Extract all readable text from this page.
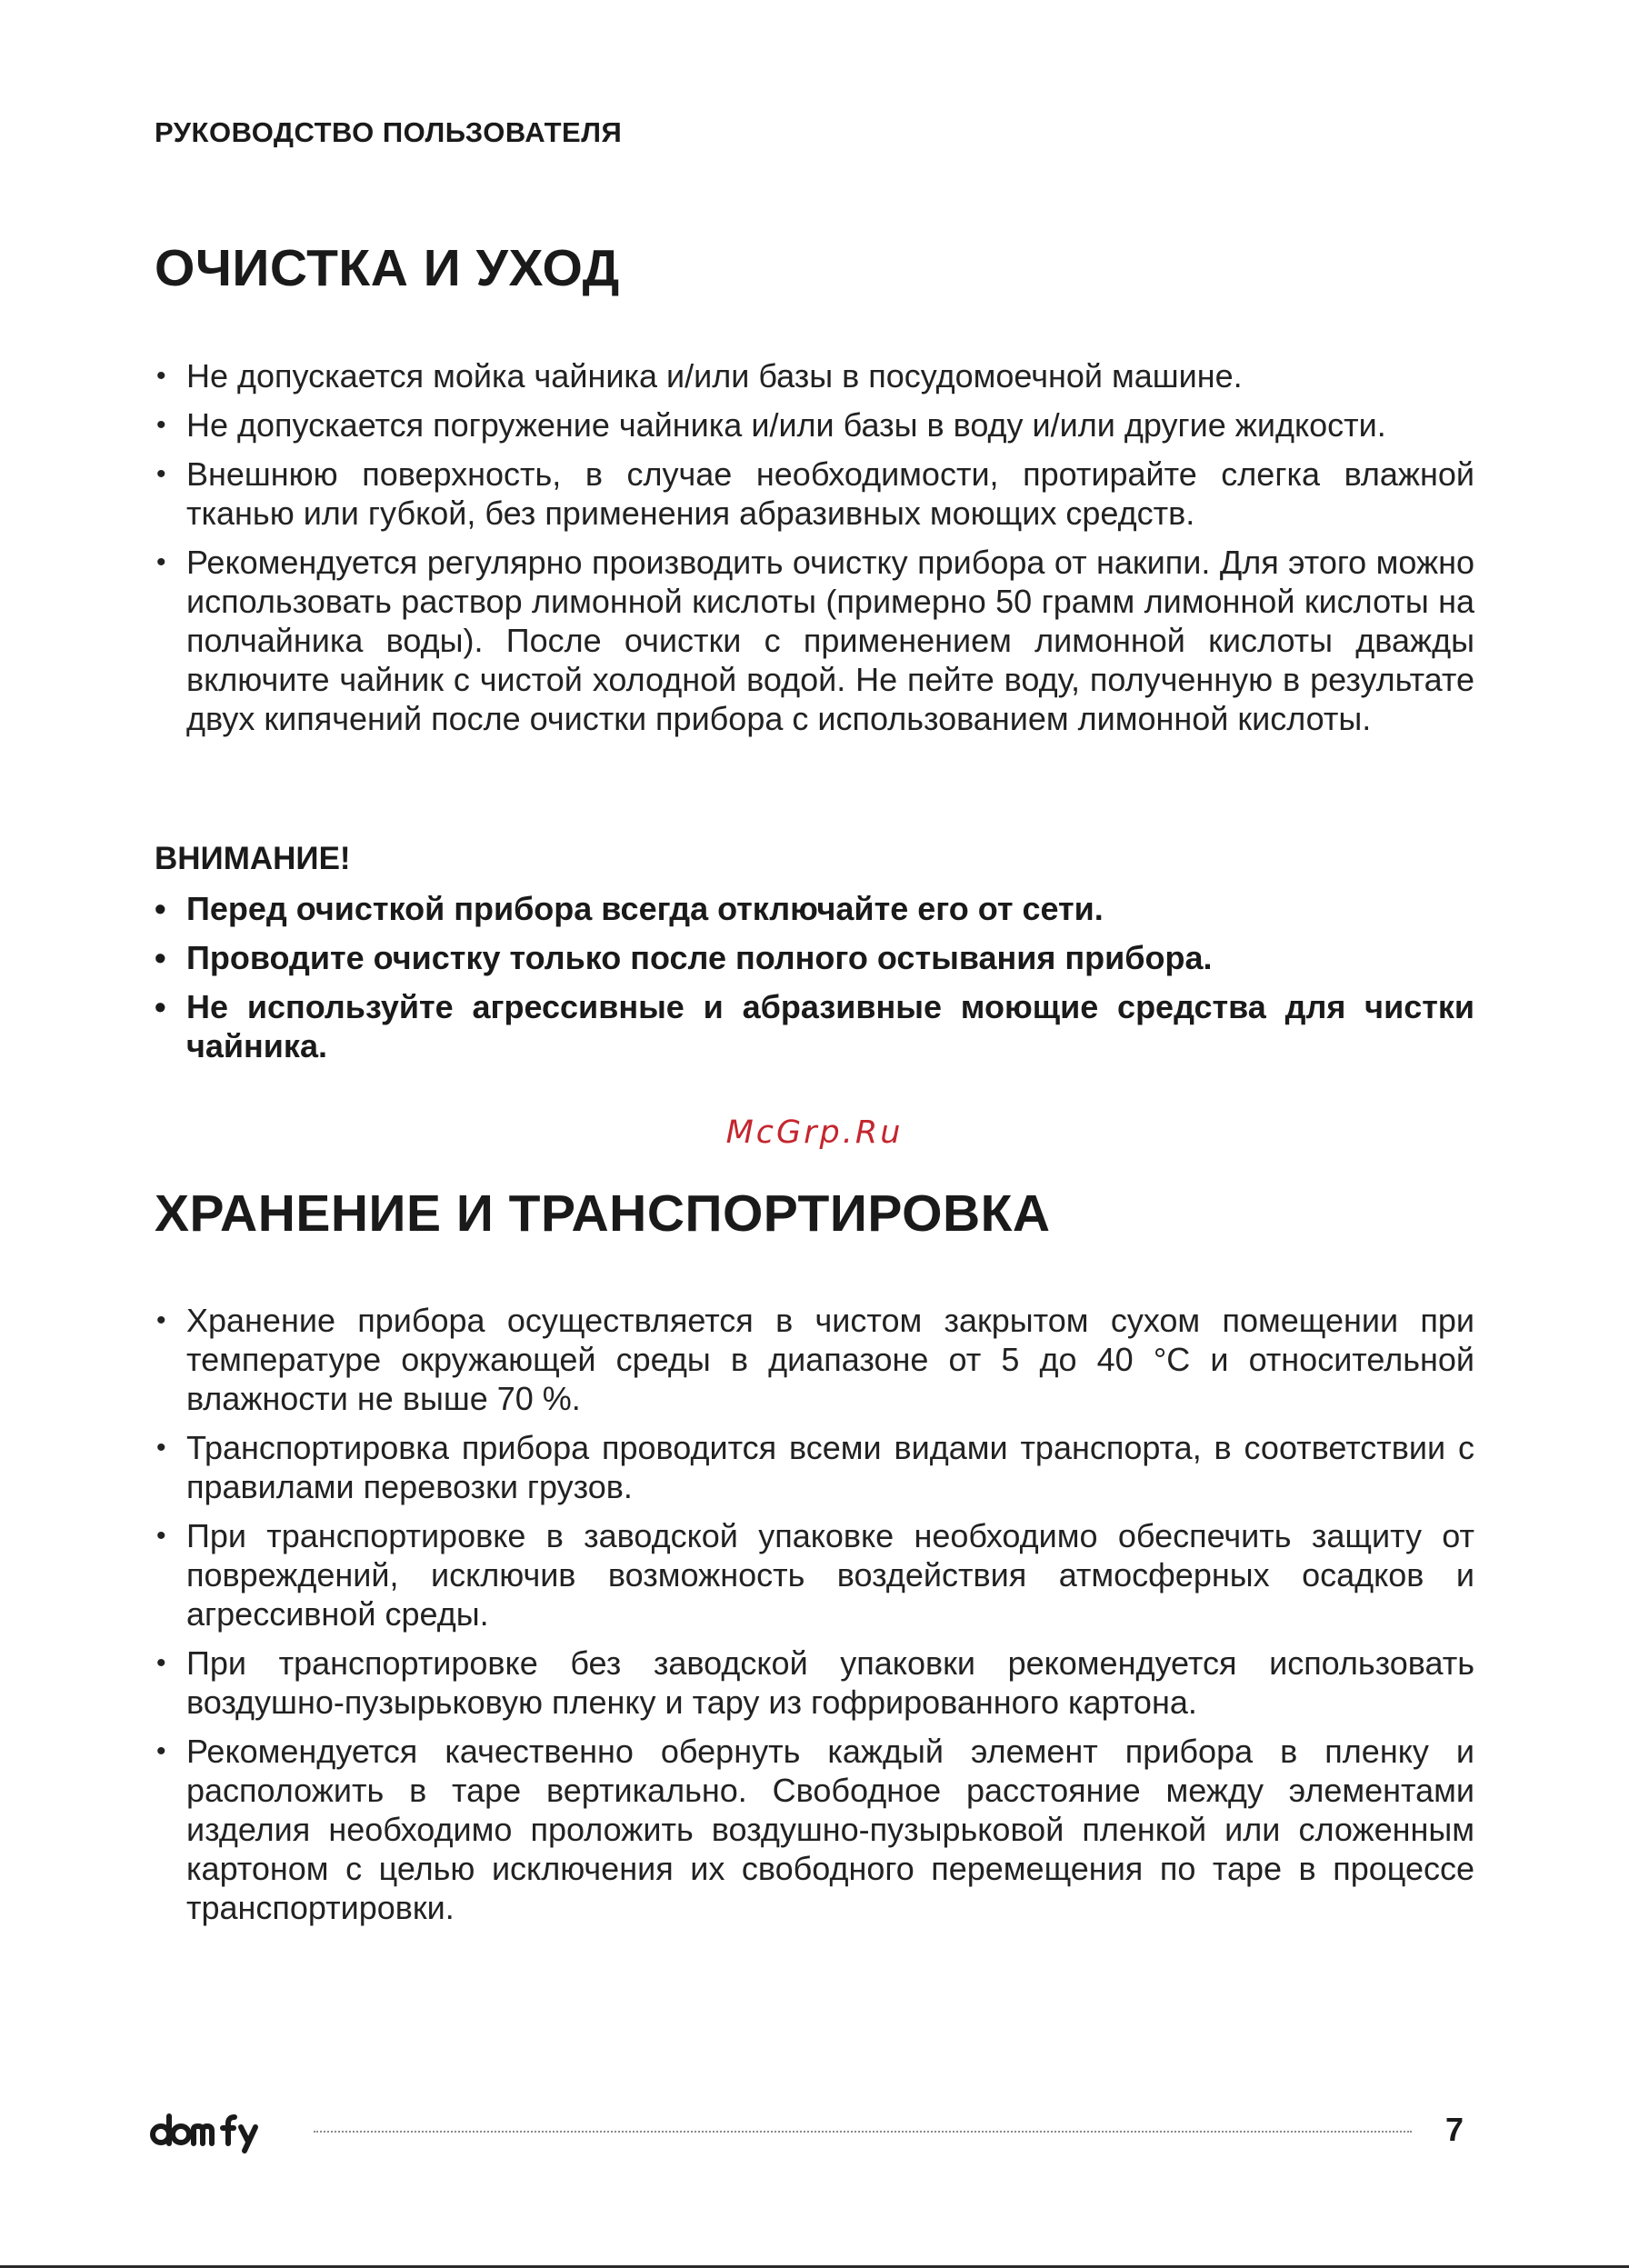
РУКОВОДСТВО ПОЛЬЗОВАТЕЛЯ
ОЧИСТКА И УХОД
• Не допускается мойка чайника и/или базы в посудомоечной машине.
• Не допускается погружение чайника и/или базы в воду и/или другие жидкости.
• Внешнюю поверхность, в случае необходимости, протирайте слегка влажной тканью или губкой, без применения абразивных моющих средств.
• Рекомендуется регулярно производить очистку прибора от накипи. Для этого можно использовать раствор лимонной кислоты (примерно 50 грамм лимонной кислоты на полчайника воды). После очистки с применением лимонной кислоты дважды включите чайник с чистой холодной водой. Не пейте воду, полученную в результате двух кипячений после очистки прибора с использованием лимонной кислоты.
ВНИМАНИЕ!
• Перед очисткой прибора всегда отключайте его от сети.
• Проводите очистку только после полного остывания прибора.
• Не используйте агрессивные и абразивные моющие средства для чистки чайника.
McGrp.Ru
ХРАНЕНИЕ И ТРАНСПОРТИРОВКА
• Хранение прибора осуществляется в чистом закрытом сухом помещении при температуре окружающей среды в диапазоне от 5 до 40 °С и относительной влажности не выше 70 %.
• Транспортировка прибора проводится всеми видами транспорта, в соответствии с правилами перевозки грузов.
• При транспортировке в заводской упаковке необходимо обеспечить защиту от повреждений, исключив возможность воздействия атмосферных осадков и агрессивной среды.
• При транспортировке без заводской упаковки рекомендуется использовать воздушно-пузырьковую пленку и тару из гофрированного картона.
• Рекомендуется качественно обернуть каждый элемент прибора в пленку и расположить в таре вертикально. Свободное расстояние между элементами изделия необходимо проложить воздушно-пузырьковой пленкой или сложенным картоном с целью исключения их свободного перемещения по таре в процессе транспортировки.
7
